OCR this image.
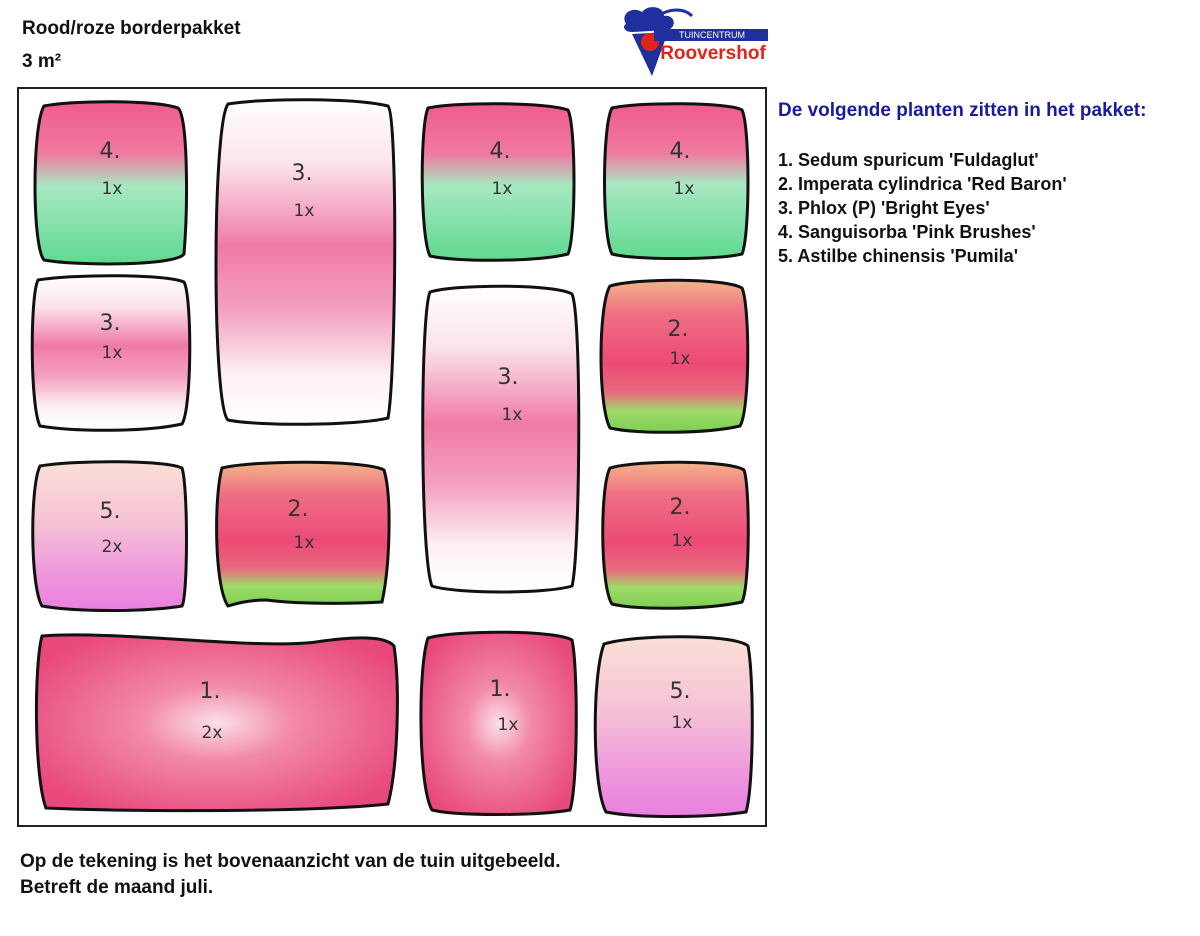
Rood/roze borderpakket
3 m²
TUINCENTRUM
Roovershof
4.
1x
3.
1x
4.
1x
4.
1x
3.
1x
3.
1x
2.
1x
5.
2x
2.
1x
2.
1x
1.
2x
1.
1x
5.
1x
De volgende planten zitten in het pakket:
1. Sedum spuricum 'Fuldaglut'
2. Imperata cylindrica 'Red Baron'
3. Phlox (P) 'Bright Eyes'
4. Sanguisorba 'Pink Brushes'
5. Astilbe chinensis 'Pumila'
Op de tekening is het bovenaanzicht van de tuin uitgebeeld.
Betreft de maand juli.
